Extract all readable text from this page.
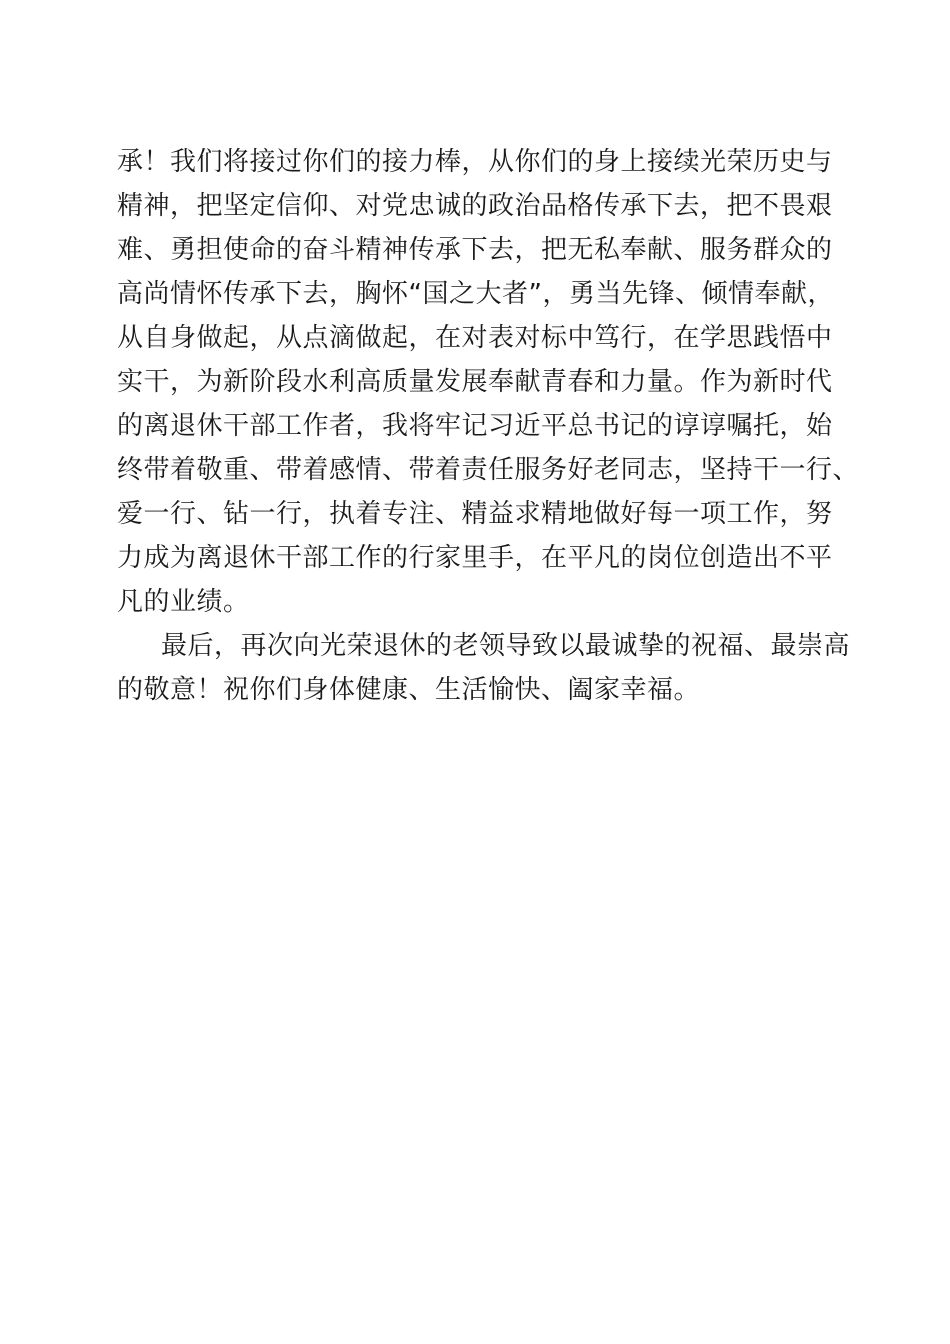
承！我们将接过你们的接力棒，从你们的身上接续光荣历史与
精神，把坚定信仰、对党忠诚的政治品格传承下去，把不畏艰
难、勇担使命的奋斗精神传承下去，把无私奉献、服务群众的
高尚情怀传承下去，胸怀“国之大者”，勇当先锋、倾情奉献，
从自身做起，从点滴做起，在对表对标中笃行，在学思践悟中
实干，为新阶段水利高质量发展奉献青春和力量。作为新时代
的离退休干部工作者，我将牢记习近平总书记的谆谆嘱托，始
终带着敬重、带着感情、带着责任服务好老同志，坚持干一行、
爱一行、钻一行，执着专注、精益求精地做好每一项工作，努
力成为离退休干部工作的行家里手，在平凡的岗位创造出不平
凡的业绩。
最后，再次向光荣退休的老领导致以最诚挚的祝福、最崇高
的敬意！祝你们身体健康、生活愉快、阖家幸福。
